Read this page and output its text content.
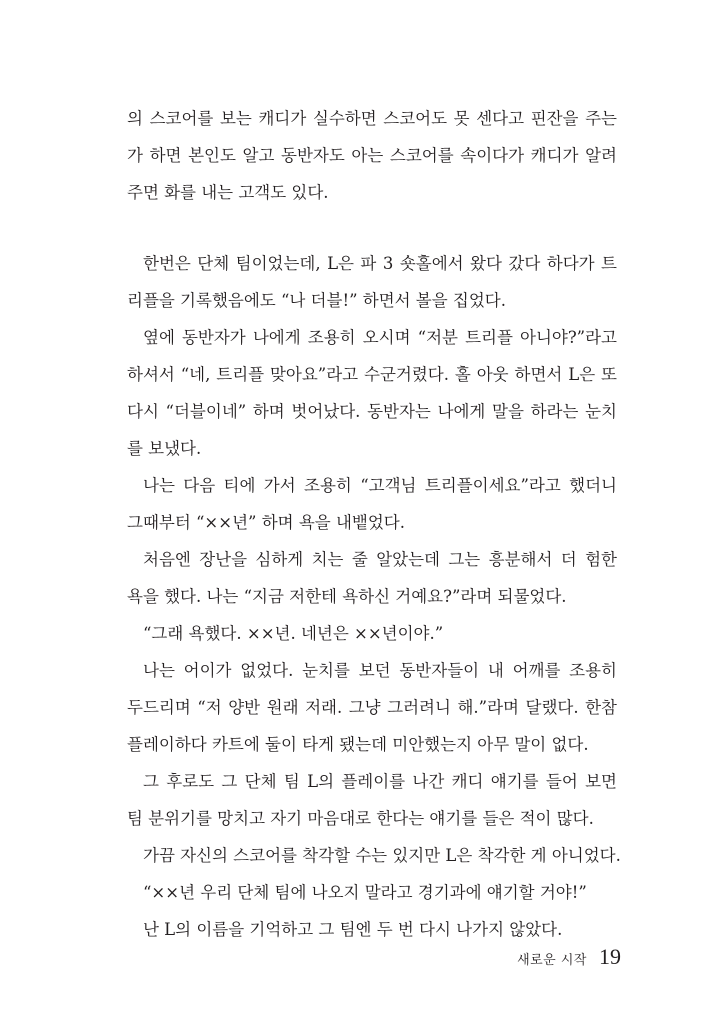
의 스코어를 보는 캐디가 실수하면 스코어도 못 센다고 핀잔을 주는
가 하면 본인도 알고 동반자도 아는 스코어를 속이다가 캐디가 알려
주면 화를 내는 고객도 있다.
한번은 단체 팀이었는데, L은 파 3 숏홀에서 왔다 갔다 하다가 트
리플을 기록했음에도 “나 더블!” 하면서 볼을 집었다.
옆에 동반자가 나에게 조용히 오시며 “저분 트리플 아니야?”라고
하셔서 “네, 트리플 맞아요”라고 수군거렸다. 홀 아웃 하면서 L은 또
다시 “더블이네” 하며 벗어났다. 동반자는 나에게 말을 하라는 눈치
를 보냈다.
나는 다음 티에 가서 조용히 “고객님 트리플이세요”라고 했더니
그때부터 “××년” 하며 욕을 내뱉었다.
처음엔 장난을 심하게 치는 줄 알았는데 그는 흥분해서 더 험한
욕을 했다. 나는 “지금 저한테 욕하신 거예요?”라며 되물었다.
“그래 욕했다. ××년. 네년은 ××년이야.”
나는 어이가 없었다. 눈치를 보던 동반자들이 내 어깨를 조용히
두드리며 “저 양반 원래 저래. 그냥 그러려니 해.”라며 달랬다. 한참
플레이하다 카트에 둘이 타게 됐는데 미안했는지 아무 말이 없다.
그 후로도 그 단체 팀 L의 플레이를 나간 캐디 얘기를 들어 보면
팀 분위기를 망치고 자기 마음대로 한다는 얘기를 들은 적이 많다.
가끔 자신의 스코어를 착각할 수는 있지만 L은 착각한 게 아니었다.
“××년 우리 단체 팀에 나오지 말라고 경기과에 얘기할 거야!”
난 L의 이름을 기억하고 그 팀엔 두 번 다시 나가지 않았다.
새로운 시작 19
